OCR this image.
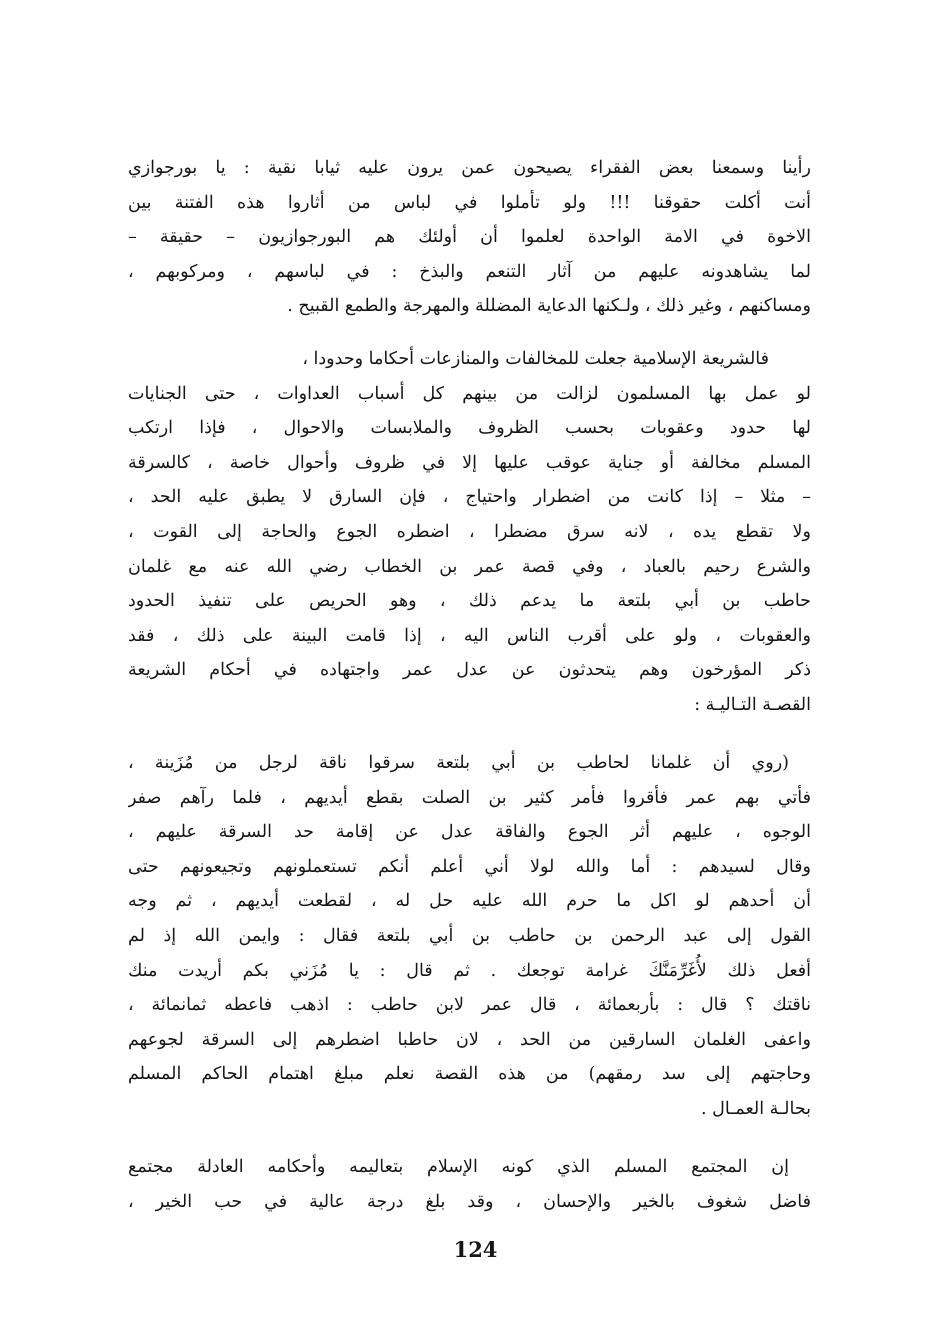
رأينا وسمعنا بعض الفقراء يصيحون عمن يرون عليه ثيابا نقية : يا بورجوازي
أنت أكلت حقوقنا !!! ولو تأملوا في لباس من أثاروا هذه الفتنة بين
الاخوة في الامة الواحدة لعلموا أن أولئك هم البورجوازيون – حقيقة –
لما يشاهدونه عليهم من آثار التنعم والبذخ : في لباسهم ، ومركوبهم ،
ومساكنهم ، وغير ذلك ، ولـكنها الدعاية المضللة والمهرجة والطمع القبيح .
فالشريعة الإسلامية جعلت للمخالفات والمنازعات أحكاما وحدودا ،
لو عمل بها المسلمون لزالت من بينهم كل أسباب العداوات ، حتى الجنايات
لها حدود وعقوبات بحسب الظروف والملابسات والاحوال ، فإذا ارتكب
المسلم مخالفة أو جناية عوقب عليها إلا في ظروف وأحوال خاصة ، كالسرقة
– مثلا – إذا كانت من اضطرار واحتياج ، فإن السارق لا يطبق عليه الحد ،
ولا تقطع يده ، لانه سرق مضطرا ، اضطره الجوع والحاجة إلى القوت ،
والشرع رحيم بالعباد ، وفي قصة عمر بن الخطاب رضي الله عنه مع غلمان
حاطب بن أبي بلتعة ما يدعم ذلك ، وهو الحريص على تنفيذ الحدود
والعقوبات ، ولو على أقرب الناس اليه ، إذا قامت البينة على ذلك ، فقد
ذكر المؤرخون وهم يتحدثون عن عدل عمر واجتهاده في أحكام الشريعة
القصـة التـاليـة :
(روي أن غلمانا لحاطب بن أبي بلتعة سرقوا ناقة لرجل من مُزَينة ،
فأتي بهم عمر فأقروا فأمر كثير بن الصلت بقطع أيديهم ، فلما رآهم صفر
الوجوه ، عليهم أثر الجوع والفاقة عدل عن إقامة حد السرقة عليهم ،
وقال لسيدهم : أما والله لولا أني أعلم أنكم تستعملونهم وتجيعونهم حتى
أن أحدهم لو اكل ما حرم الله عليه حل له ، لقطعت أيديهم ، ثم وجه
القول إلى عبد الرحمن بن حاطب بن أبي بلتعة فقال : وايمن الله إذ لم
أفعل ذلك لأُغَرِّمَنَّكَ غرامة توجعك . ثم قال : يا مُزَني بكم أريدت منك
ناقتك ؟ قال : بأربعمائة ، قال عمر لابن حاطب : اذهب فاعطه ثمانمائة ،
واعفى الغلمان السارقين من الحد ، لان حاطبا اضطرهم إلى السرقة لجوعهم
وحاجتهم إلى سد رمقهم) من هذه القصة نعلم مبلغ اهتمام الحاكم المسلم
بحالـة العمـال .
إن المجتمع المسلم الذي كونه الإسلام بتعاليمه وأحكامه العادلة مجتمع
فاضل شغوف بالخير والإحسان ، وقد بلغ درجة عالية في حب الخير ،
124
